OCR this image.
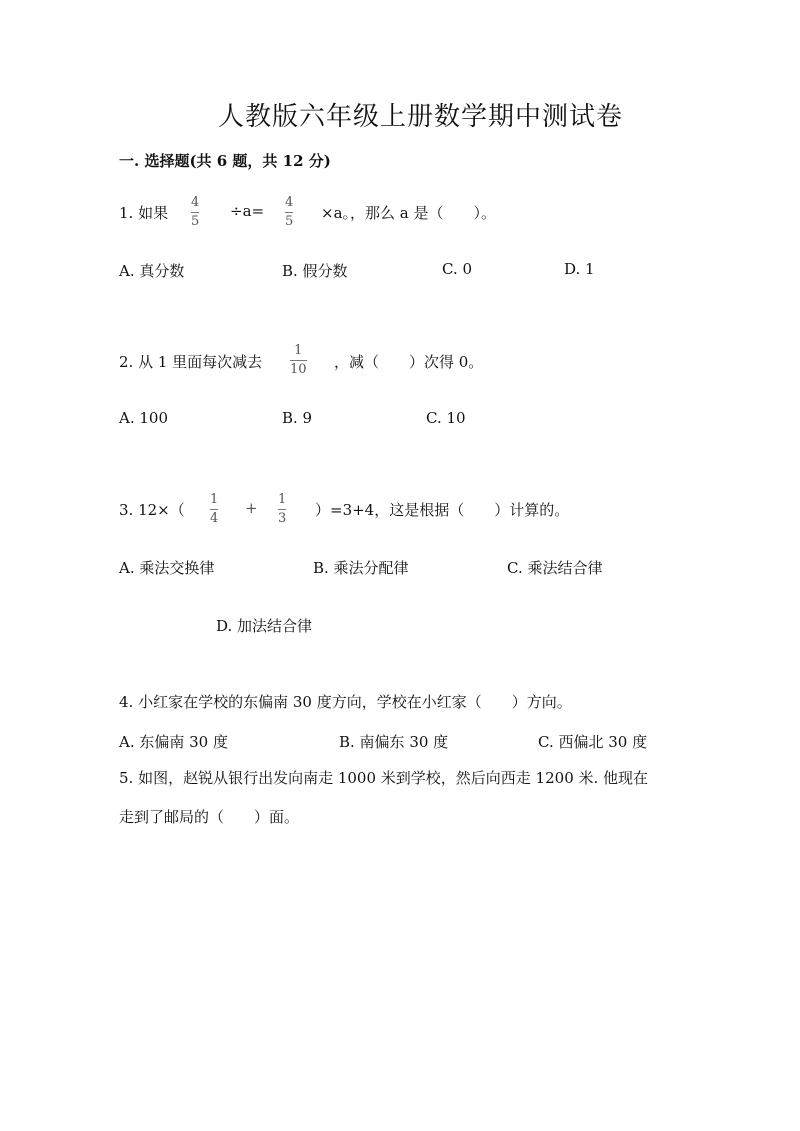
人教版六年级上册数学期中测试卷
一. 选择题(共 6 题，共 12 分)
1. 如果
4
5
÷a= 4
5 ×a。，那么 a 是（　　）。
A. 真分数	B. 假分数	C. 0	D. 1
2. 从 1 里面每次减去
1
10 ，减（　　）次得 0。
A. 100	B. 9	C. 10
3. 12×（
1
4
+ 1
3 ）=3+4，这是根据（　　）计算的。
A. 乘法交换律	B. 乘法分配律	C. 乘法结合律
D. 加法结合律
4. 小红家在学校的东偏南 30 度方向，学校在小红家（　　）方向。
A. 东偏南 30 度	B. 南偏东 30 度	C. 西偏北 30 度
5. 如图，赵锐从银行出发向南走 1000 米到学校，然后向西走 1200 米. 他现在
走到了邮局的（　　）面。
